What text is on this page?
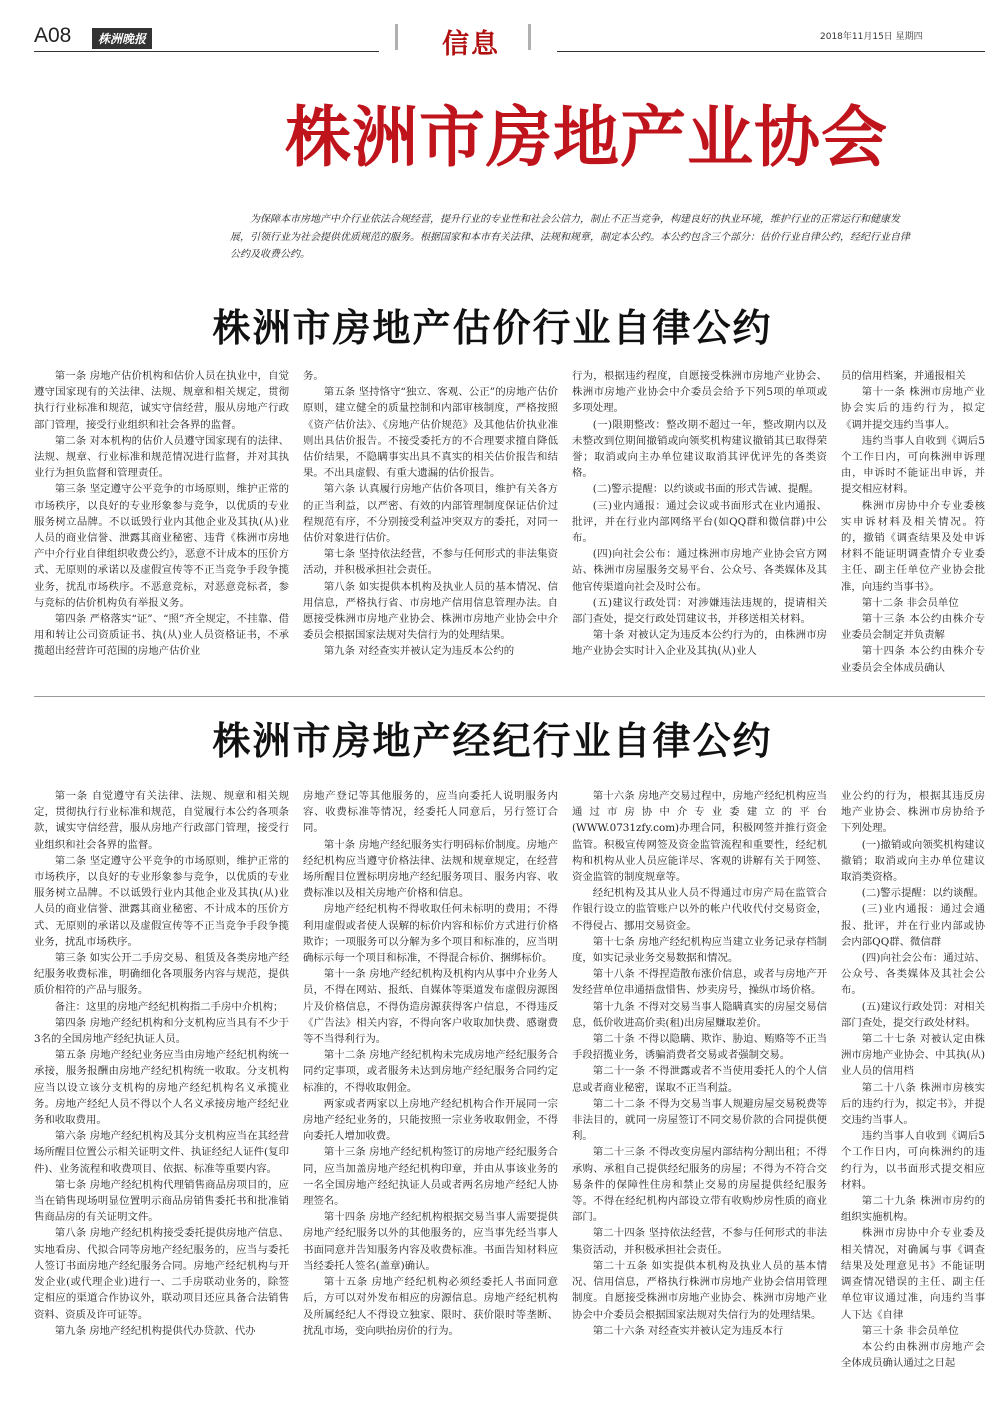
A08	株洲晚报	信息	2018年11月15日 星期四
株洲市房地产业协会
为保障本市房地产中介行业依法合规经营，提升行业的专业性和社会公信力，制止不正当竞争，构建良好的执业环境，维护行业的正常运行和健康发展，引领行业为社会提供优质规范的服务。根据国家和本市有关法律、法规和规章，制定本公约。本公约包含三个部分：估价行业自律公约，经纪行业自律公约及收费公约。
株洲市房地产估价行业自律公约

第一条 房地产估价机构和估价人员在执业中，自觉遵守国家现有的关法律、法规、规章和相关规定，贯彻执行行业标准和规范，诚实守信经营，服从房地产行政部门管理，接受行业组织和社会各界的监督。

第二条 对本机构的估价人员遵守国家现有的法律、法规、规章、行业标准和规范情况进行监督，并对其执业行为担负监督和管理责任。

第三条 坚定遵守公平竞争的市场原则，维护正常的市场秩序，以良好的专业形象参与竞争，以优质的专业服务树立品牌。不以诋毁行业内其他企业及其执(从)业人员的商业信誉、泄露其商业秘密、违背《株洲市房地产中介行业自律组织收费公约》，恶意不计成本的压价方式、无原则的承诺以及虚假宣传等不正当竞争手段争揽业务，扰乱市场秩序。不恶意竞标，对恶意竞标者，参与竞标的估价机构负有举报义务。

第四条 严格落实“证”、“照”齐全规定，不挂靠、借用和转让公司资质证书、执(从)业人员资格证书，不承揽超出经营许可范围的房地产估价业

务。

第五条 坚持恪守“独立、客观、公正”的房地产估价原则，建立健全的质量控制和内部审核制度，严格按照《资产估价法》、《房地产估价规范》及其他估价执业准则出具估价报告。不接受委托方的不合理要求擅自降低估价结果，不隐瞒事实出具不真实的相关估价报告和结果。不出具虚假、有重大遗漏的估价报告。

第六条 认真履行房地产估价各项目，维护有关各方的正当利益，以严密、有效的内部管理制度保证估价过程规范有序，不分别接受利益冲突双方的委托，对同一估价对象进行估价。

第七条 坚持依法经营，不参与任何形式的非法集资活动，并积极承担社会责任。

第八条 如实提供本机构及执业人员的基本情况、信用信息，严格执行省、市房地产信用信息管理办法。自愿接受株洲市房地产业协会、株洲市房地产业协会中介委员会根据国家法规对失信行为的处理结果。

第九条 对经查实并被认定为违反本公约的

行为，根据违约程度，自愿接受株洲市房地产业协会、株洲市房地产业协会中介委员会给予下列5项的单项或多项处理。

(一)限期整改：整改期不超过一年，整改期内以及未整改到位期间撤销或向领奖机构建议撤销其已取得荣誉；取消或向主办单位建议取消其评优评先的各类资格。

(二)警示提醒：以约谈或书面的形式告诫、提醒。

(三)业内通报：通过会议或书面形式在业内通报、批评，并在行业内部网络平台(如QQ群和微信群)中公布。

(四)向社会公布：通过株洲市房地产业协会官方网站、株洲市房屋服务交易平台、公众号、各类媒体及其他官传渠道向社会及时公布。

(五)建议行政处罚：对涉嫌违法违规的，提请相关部门查处，提交行政处罚建议书，并移送相关材料。

第十条 对被认定为违反本公约行为的，由株洲市房地产业协会实时计入企业及其执(从)业人

员的信用档案，并通报相关

第十一条 株洲市房地产业协会实后的违约行为，拟定《调并提交违约当事人。

违约当事人自收到《调后5个工作日内，可向株洲申诉理由，申诉时不能证出申诉，并提交相应材料。

株洲市房协中介专业委核实申诉材料及相关情况。符的，撤销《调查结果及处申诉材料不能证明调查情介专业委主任、副主任单位产业协会批准，向违约当事书》。

第十二条 非会员单位

第十三条 本公约由株介专业委员会制定并负责解

第十四条 本公约由株介专业委员会全体成员确认

株洲市房地产经纪行业自律公约

第一条 自觉遵守有关法律、法规、规章和相关规定，贯彻执行行业标准和规范，自觉履行本公约各项条款，诚实守信经营，服从房地产行政部门管理，接受行业组织和社会各界的监督。

第二条 坚定遵守公平竞争的市场原则，维护正常的市场秩序，以良好的专业形象参与竞争，以优质的专业服务树立品牌。不以诋毁行业内其他企业及其执(从)业人员的商业信誉、泄露其商业秘密、不计成本的压价方式、无原则的承诺以及虚假宣传等不正当竞争手段争揽业务，扰乱市场秩序。

第三条 如实公开二手房交易、租赁及各类房地产经纪服务收费标准，明确细化各项服务内容与规范，提供质价相符的产品与服务。

备注：这里的房地产经纪机构指二手房中介机构；

第四条 房地产经纪机构和分支机构应当具有不少于3名的全国房地产经纪执证人员。

第五条 房地产经纪业务应当由房地产经纪机构统一承接，服务报酬由房地产经纪机构统一收取。分支机构应当以设立该分支机构的房地产经纪机构名义承揽业务。房地产经纪人员不得以个人名义承接房地产经纪业务和收取费用。

第六条 房地产经纪机构及其分支机构应当在其经营场所醒目位置公示相关证明文件、执证经纪人证件(复印件)、业务流程和收费项目、依据、标准等重要内容。

第七条 房地产经纪机构代理销售商品房项目的，应当在销售现场明显位置明示商品房销售委托书和批准销售商品房的有关证明文件。

第八条 房地产经纪机构接受委托提供房地产信息、实地看房、代拟合同等房地产经纪服务的，应当与委托人签订书面房地产经纪服务合同。房地产经纪机构与开发企业(或代理企业)进行一、二手房联动业务的，除签定相应的渠道合作协议外，联动项目还应具备合法销售资料、资质及许可证等。

第九条 房地产经纪机构提供代办贷款、代办

房地产登记等其他服务的，应当向委托人说明服务内容、收费标准等情况，经委托人同意后，另行签订合同。

第十条 房地产经纪服务实行明码标价制度。房地产经纪机构应当遵守价格法律、法规和规章规定，在经营场所醒目位置标明房地产经纪服务项目、服务内容、收费标准以及相关房地产价格和信息。

房地产经纪机构不得收取任何未标明的费用；不得利用虚假或者使人误解的标价内容和标价方式进行价格欺诈；一项服务可以分解为多个项目和标准的，应当明确标示每一个项目和标准，不得混合标价、捆绑标价。

第十一条 房地产经纪机构及机构内从事中介业务人员，不得在网站、报纸、自媒体等渠道发布虚假房源图片及价格信息，不得伪造房源获得客户信息，不得违反《广告法》相关内容，不得向客户收取加快费、感谢费等不当得利行为。

第十二条 房地产经纪机构未完成房地产经纪服务合同约定事项，或者服务未达到房地产经纪服务合同约定标准的，不得收取佣金。

两家或者两家以上房地产经纪机构合作开展同一宗房地产经纪业务的，只能按照一宗业务收取佣金，不得向委托人增加收费。

第十三条 房地产经纪机构签订的房地产经纪服务合同，应当加盖房地产经纪机构印章，并由从事该业务的一名全国房地产经纪执证人员或者两名房地产经纪人协理签名。

第十四条 房地产经纪机构根据交易当事人需要提供房地产经纪服务以外的其他服务的，应当事先经当事人书面同意并告知服务内容及收费标准。书面告知材料应当经委托人签名(盖章)确认。

第十五条 房地产经纪机构必须经委托人书面同意后，方可以对外发布相应的房源信息。房地产经纪机构及所属经纪人不得设立独家、限时、获价限时等垄断、扰乱市场，变向哄抬房价的行为。

第十六条 房地产交易过程中，房地产经纪机构应当通过市房协中介专业委建立的平台(WWW.0731zfy.com)办理合同，积极网签并推行资金监管。积极宣传网签及资金监管流程和重要性，经纪机构和机构从业人员应能详尽、客观的讲解有关于网签、资金监管的制度规章等。

经纪机构及其从业人员不得通过市房产局在监管合作银行设立的监管账户以外的帐户代收代付交易资金，不得侵占、挪用交易资金。

第十七条 房地产经纪机构应当建立业务记录存档制度，如实记录业务交易数据和情况。

第十八条 不得捏造散布涨价信息，或者与房地产开发经营单位串通捂盘惜售、炒卖房号，操纵市场价格。

第十九条 不得对交易当事人隐瞒真实的房屋交易信息，低价收进高价卖(租)出房屋赚取差价。

第二十条 不得以隐瞒、欺诈、胁迫、贿赂等不正当手段招揽业务，诱骗消费者交易或者强制交易。

第二十一条 不得泄露或者不当使用委托人的个人信息或者商业秘密，谋取不正当利益。

第二十二条 不得为交易当事人规避房屋交易税费等非法目的，就同一房屋签订不同交易价款的合同提供便利。

第二十三条 不得改变房屋内部结构分割出租；不得承购、承租自己提供经纪服务的房屋；不得为不符合交易条件的保障性住房和禁止交易的房屋提供经纪服务等。不得在经纪机构内部设立带有收购炒房性质的商业部门。

第二十四条 坚持依法经营，不参与任何形式的非法集资活动，并积极承担社会责任。

第二十五条 如实提供本机构及执业人员的基本情况、信用信息，严格执行株洲市房地产业协会信用管理制度。自愿接受株洲市房地产业协会、株洲市房地产业协会中介委员会根据国家法规对失信行为的处理结果。

第二十六条 对经查实并被认定为违反本行

业公约的行为，根据其违反房地产业协会、株洲市房协给予下列处理。

(一)撤销或向领奖机构建议撤销；取消或向主办单位建议取消类资格。

(二)警示提醒：以约谈醒。

(三)业内通报：通过会通报、批评，并在行业内部或协会内部QQ群、微信群

(四)向社会公布：通过站、公众号、各类媒体及其社会公布。

(五)建议行政处罚：对相关部门查处，提交行政处材料。

第二十七条 对被认定由株洲市房地产业协会、中其执(从)业人员的信用档

第二十八条 株洲市房核实后的违约行为，拟定书》，并提交违约当事人。

违约当事人自收到《调后5个工作日内，可向株洲约的违约行为，以书面形式提交相应材料。

第二十九条 株洲市房约的组织实施机构。

株洲市房协中介专业委及相关情况，对确属与事《调查结果及处理意见书》不能证明调查情况错误的主任、副主任单位审议通过准，向违约当事人下达《自律

第三十条 非会员单位

本公约由株洲市房地产会全体成员确认通过之日起
